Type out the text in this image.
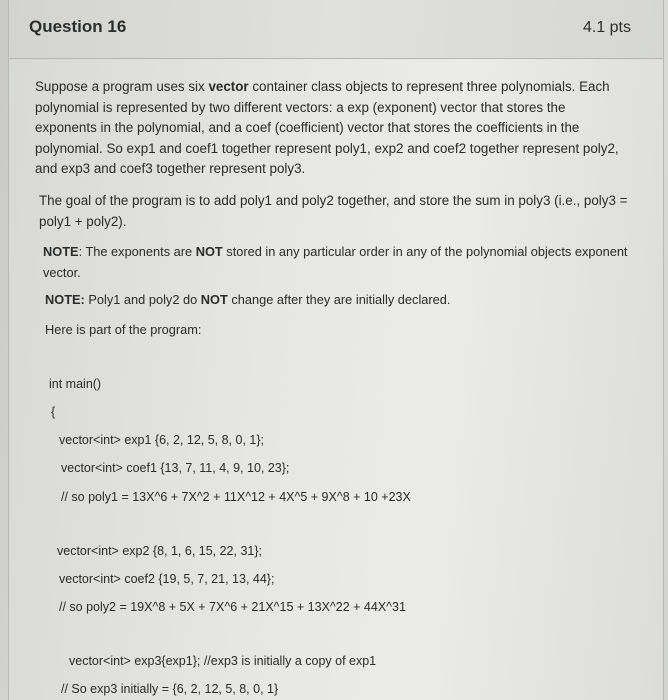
Question 16	4.1 pts

Suppose a program uses six vector container class objects to represent three polynomials. Each polynomial is represented by two different vectors: a exp (exponent) vector that stores the exponents in the polynomial, and a coef (coefficient) vector that stores the coefficients in the polynomial. So exp1 and coef1 together represent poly1, exp2 and coef2 together represent poly2, and exp3 and coef3 together represent poly3.

The goal of the program is to add poly1 and poly2 together, and store the sum in poly3 (i.e., poly3 = poly1 + poly2).

NOTE: The exponents are NOT stored in any particular order in any of the polynomial objects exponent vector.

NOTE: Poly1 and poly2 do NOT change after they are initially declared.

Here is part of the program:

int main()
{
vector<int> exp1 {6, 2, 12, 5, 8, 0, 1};
vector<int> coef1 {13, 7, 11, 4, 9, 10, 23};
// so poly1 = 13X^6 + 7X^2 + 11X^12 + 4X^5 + 9X^8 + 10 +23X
vector<int> exp2 {8, 1, 6, 15, 22, 31};
vector<int> coef2 {19, 5, 7, 21, 13, 44};
// so poly2 = 19X^8 + 5X + 7X^6 + 21X^15 + 13X^22 + 44X^31
vector<int> exp3{exp1}; //exp3 is initially a copy of exp1
// So exp3 initially = {6, 2, 12, 5, 8, 0, 1}
